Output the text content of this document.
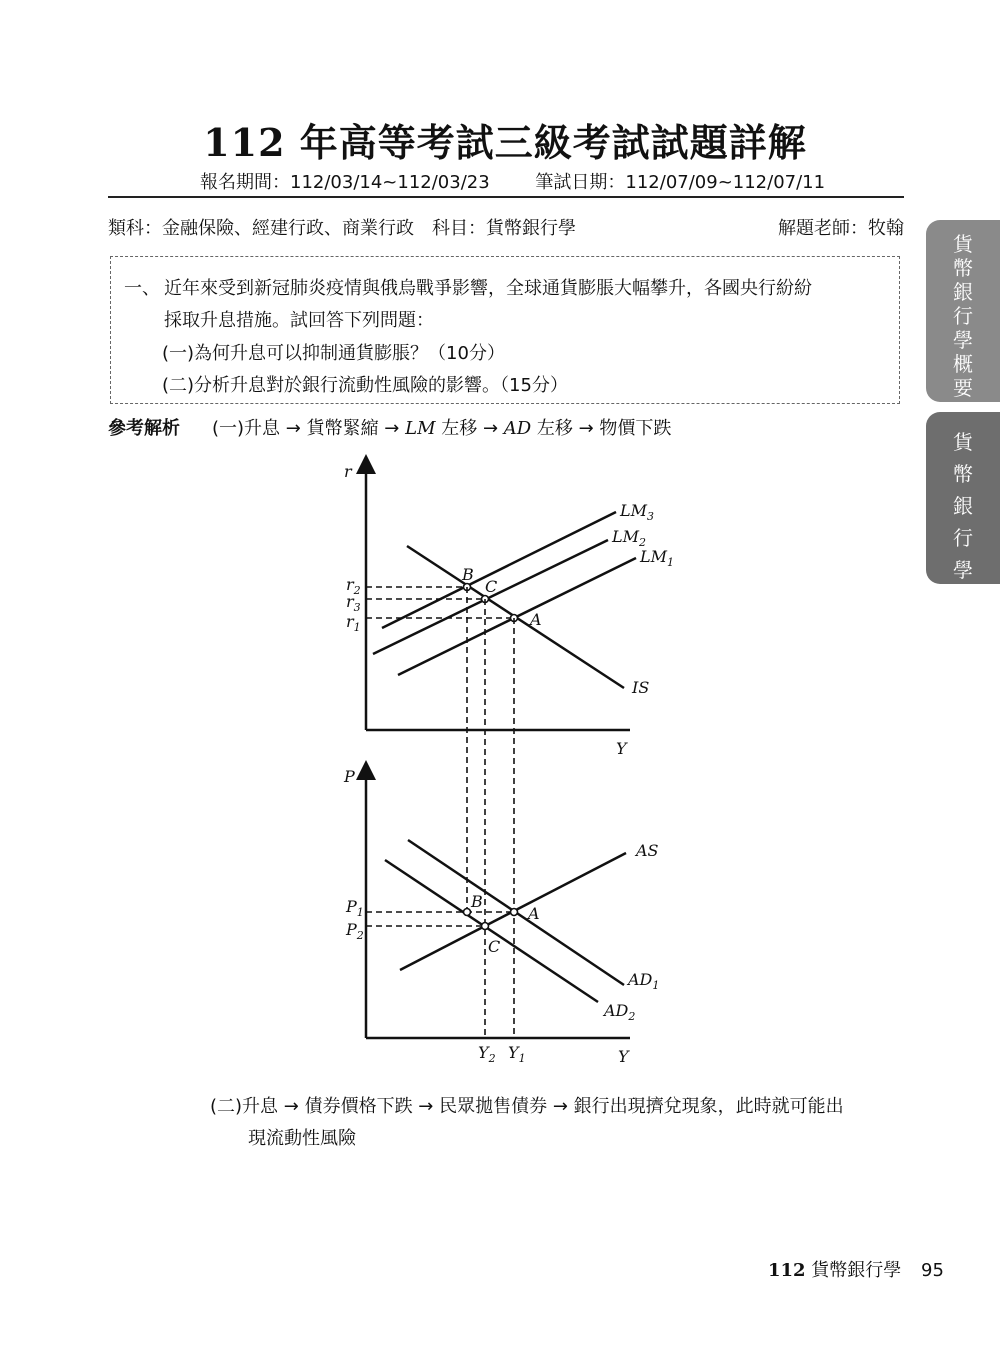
112 年高等考試三級考試試題詳解
報名期間：112/03/14~112/03/23	筆試日期：112/07/09~112/07/11
類科：金融保險、經建行政、商業行政　科目：貨幣銀行學	解題老師：牧翰
一、 近年來受到新冠肺炎疫情與俄烏戰爭影響，全球通貨膨脹大幅攀升，各國央行紛紛
採取升息措施。試回答下列問題：
(一)為何升息可以抑制通貨膨脹？（10分）
(二)分析升息對於銀行流動性風險的影響。（15分）
參考解析 (一)升息 → 貨幣緊縮 → LM 左移 → AD 左移 → 物價下跌
r
Y
$LM_1$
$LM_2$
$LM_3$
IS
$r_2$
$r_3$
$r_1$	A
B
C
P
Y
AS
$AD_1$
$AD_2$
$P_1$
$P_2$
$Y_2$ $Y_1$
A
B
C
(二)升息 → 債券價格下跌 → 民眾拋售債券 → 銀行出現擠兌現象，此時就可能出
現流動性風險
貨
幣
銀
行
學
概
要
貨
幣
銀
行
學
112 貨幣銀行學 95
